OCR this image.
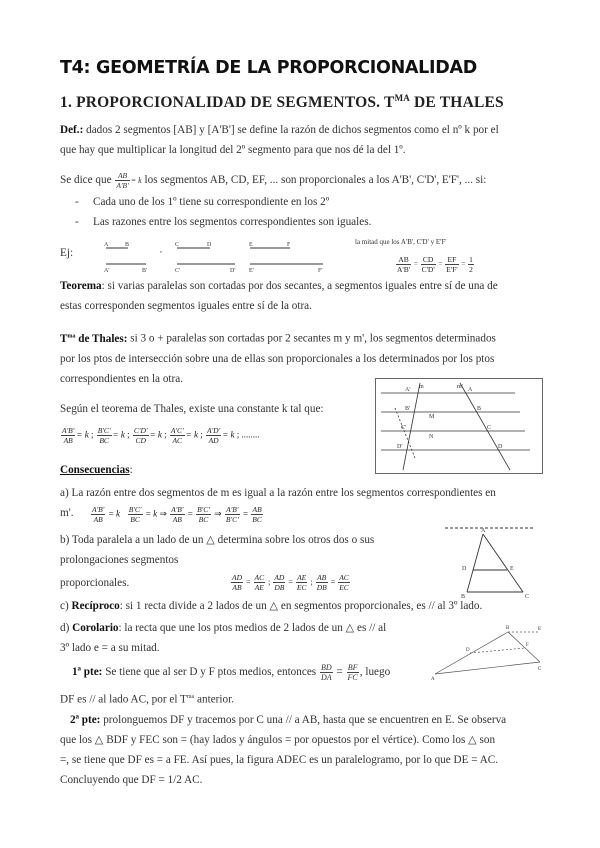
T4: GEOMETRÍA DE LA PROPORCIONALIDAD
1. PROPORCIONALIDAD DE SEGMENTOS. $T^{MA}$ DE THALES
Def.: dados 2 segmentos [AB] y [A'B'] se define la razón de dichos segmentos como el nº k por el
que hay que multiplicar la longitud del 2º segmento para que nos dé la del 1º.
Se dice que $\frac{AB}{A'B'} = k$ los segmentos AB, CD, EF, ... son proporcionales a los A'B', C'D', E'F', ... si:
- Cada uno de los 1º tiene su correspondiente en los 2º
- Las razones entre los segmentos correspondientes son iguales.
Ej:
A	B	C	D	E	F
A'	B'	C'	D' E'	F'
,
la mitad que los A'B', C'D' y E'F'
$\frac{AB}{A'B'} = \frac{CD}{C'D'} = \frac{EF}{E'F'} = \frac{1}{2}$
Teorema: si varias paralelas son cortadas por dos secantes, a segmentos iguales entre sí de una de
estas corresponden segmentos iguales entre sí de la otra.
$T^{ma}$ de Thales: si 3 o + paralelas son cortadas por 2 secantes m y m', los segmentos determinados
por los ptos de intersección sobre una de ellas son proporcionales a los determinados por los ptos
correspondientes en la otra.
Según el teorema de Thales, existe una constante k tal que:
$\frac{A'B'}{AB} = k$ ; $\frac{B'C'}{BC} = k$ ; $\frac{C'D'}{CD} = k$ ; $\frac{A'C'}{AC} = k$ ; $\frac{A'D'}{AD} = k$ ; ........
m	m'
A'
B'
C'
D'
A
B
C
D
M
N
Consecuencias:
a) La razón entre dos segmentos de m es igual a la razón entre los segmentos correspondientes en
m'.	$\frac{A'B'}{AB} = k \frac{B'C'}{BC} = k$ ⇒ $\frac{A'B'}{AB} = \frac{B'C'}{BC}$ ⇒ $\frac{A'B'}{B'C'} = \frac{AB}{BC}$
b) Toda paralela a un lado de un △ determina sobre los otros dos o sus
prolongaciones segmentos
proporcionales.	$\frac{AD}{AB} = \frac{AC}{AE}$ ; $\frac{AD}{DB} = \frac{AE}{EC}$ ; $\frac{AB}{DB} = \frac{AC}{EC}$
A
D	E
B	C
c) Recíproco: si 1 recta divide a 2 lados de un △ en segmentos proporcionales, es // al 3º lado.
d) Corolario: la recta que une los ptos medios de 2 lados de un △ es // al
3º lado e = a su mitad.
A
B
C
D
F
E
1ª pte: Se tiene que al ser D y F ptos medios, entonces $\frac{BD}{DA} = \frac{BF}{FC}$ , luego
DF es // al lado AC, por el $T^{ma}$ anterior.
2ª pte: prolonguemos DF y tracemos por C una // a AB, hasta que se encuentren en E. Se observa
que los △ BDF y FEC son = (hay lados y ángulos = por opuestos por el vértice). Como los △ son
=, se tiene que DF es = a FE. Así pues, la figura ADEC es un paralelogramo, por lo que DE = AC.
Concluyendo que DF = 1/2 AC.
